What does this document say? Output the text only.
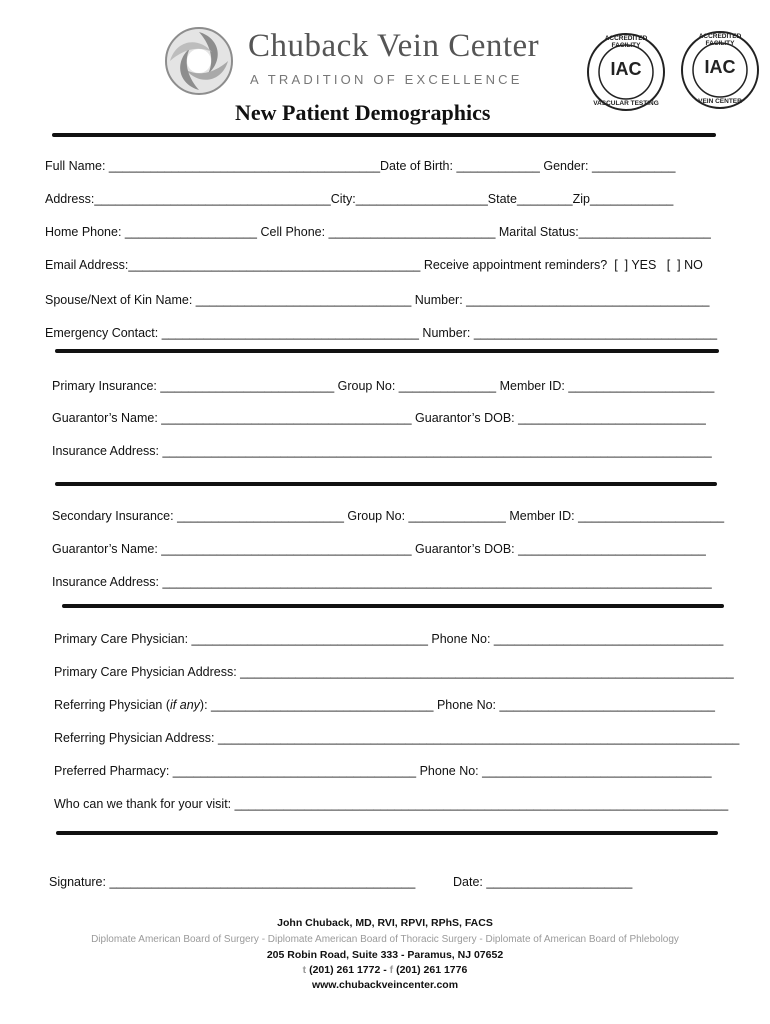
Chuback Vein Center
A TRADITION OF EXCELLENCE
ACCREDITED FACILITY
IAC
VASCULAR TESTING
ACCREDITED FACILITY
IAC
VEIN CENTER
New Patient Demographics
Full Name: _______________________________________Date of Birth: ____________ Gender: ____________
Address:__________________________________City:___________________State________Zip____________
Home Phone: ___________________ Cell Phone: ________________________ Marital Status:___________________
Email Address:__________________________________________ Receive appointment reminders?  [  ] YES   [  ] NO
Spouse/Next of Kin Name: _______________________________ Number: ___________________________________
Emergency Contact: _____________________________________ Number: ___________________________________
Primary Insurance: _________________________ Group No: ______________ Member ID: _____________________
Guarantor’s Name: ____________________________________ Guarantor’s DOB: ___________________________
Insurance Address: _______________________________________________________________________________
Secondary Insurance: ________________________ Group No: ______________ Member ID: _____________________
Guarantor’s Name: ____________________________________ Guarantor’s DOB: ___________________________
Insurance Address: _______________________________________________________________________________
Primary Care Physician: __________________________________ Phone No: _________________________________
Primary Care Physician Address: _______________________________________________________________________
Referring Physician (if any): ________________________________ Phone No: _______________________________
Referring Physician Address: ___________________________________________________________________________
Preferred Pharmacy: ___________________________________ Phone No: _________________________________
Who can we thank for your visit: _______________________________________________________________________
Signature: ____________________________________________	Date: _____________________
John Chuback, MD, RVI, RPVI, RPhS, FACS
Diplomate American Board of Surgery - Diplomate American Board of Thoracic Surgery - Diplomate of American Board of Phlebology
205 Robin Road, Suite 333 - Paramus, NJ 07652
t (201) 261 1772 - f (201) 261 1776
www.chubackveincenter.com
